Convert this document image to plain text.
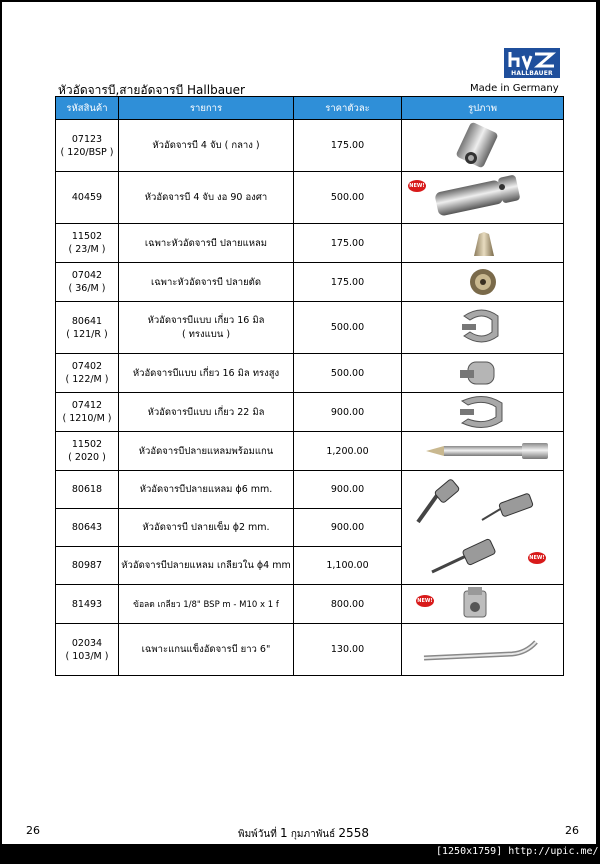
HALLBAUER
หัวอัดจารบี,สายอัดจารบี Hallbauer	Made in Germany
รหัสสินค้า	รายการ	ราคาตัวละ	รูปภาพ

07123
( 120/BSP )	หัวอัดจารบี 4 จับ ( กลาง )	175.00	

40459	หัวอัดจารบี 4 จับ งอ 90 องศา	500.00	NEW!

11502
( 23/M )	เฉพาะหัวอัดจารบี ปลายแหลม	175.00	

07042
( 36/M )	เฉพาะหัวอัดจารบี ปลายตัด	175.00	

80641
( 121/R )	หัวอัดจารบีแบบ เกี่ยว 16 มิล
( ทรงแบน )	500.00	

07402
( 122/M )	หัวอัดจารบีแบบ เกี่ยว 16 มิล ทรงสูง	500.00	

07412
( 1210/M )	หัวอัดจารบีแบบ เกี่ยว 22 มิล	900.00	

11502
( 2020 )	หัวอัดจารบีปลายแหลมพร้อมแกน	1,200.00	

80618	หัวอัดจารบีปลายแหลม ϕ6 mm.	900.00	NEW!

80643	หัวอัดจารบี ปลายเข็ม ϕ2 mm.	900.00	

80987	หัวอัดจารบีปลายแหลม เกลียวใน ϕ4 mm	1,100.00	

81493	ข้อลด เกลียว 1/8" BSP m - M10 x 1 f	800.00	NEW!

02034
( 103/M )	เฉพาะแกนแข็งอัดจารบี ยาว 6"	130.00	
26	พิมพ์วันที่ 1 กุมภาพันธ์ 2558	26
[1250x1759] http://upic.me/
